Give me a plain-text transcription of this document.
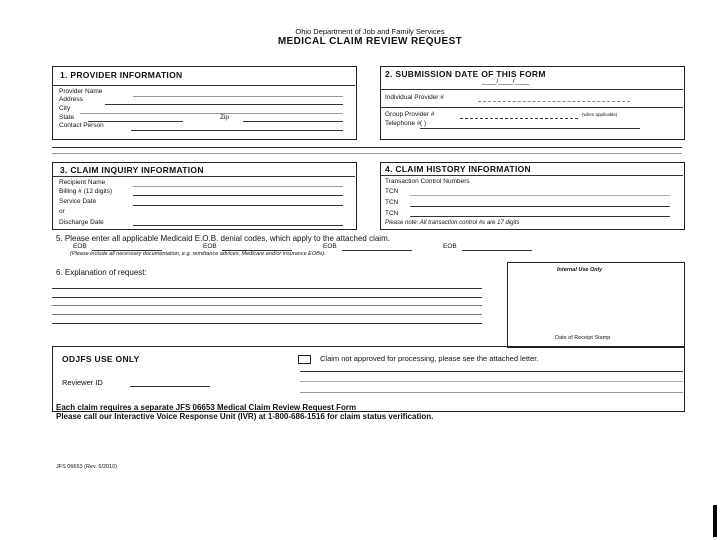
Ohio Department of Job and Family Services
MEDICAL CLAIM REVIEW REQUEST
1. PROVIDER INFORMATION
Provider Name
Address
City
State	Zip
Contact Person
2. SUBMISSION DATE OF THIS FORM
____/____/____
Individual Provider #
Group Provider #	(when applicable)
Telephone # ( )
3. CLAIM INQUIRY INFORMATION
Recipient Name
Billing # (12 digits)
Service Date
or
Discharge Date
4. CLAIM HISTORY INFORMATION
Transaction Control Numbers
TCN
TCN
TCN
Please note: All transaction control #s are 17 digits
5. Please enter all applicable Medicaid E.O.B. denial codes, which apply to the attached claim.
EOB	EOB	EOB	EOB
(Please include all necessary documentation, e.g. remittance advices, Medicare and/or insurance EOBs).
6. Explanation of request:	Internal Use Only
Date of Receipt Stamp
ODJFS USE ONLY
Reviewer ID
Claim not approved for processing, please see the attached letter.
Each claim requires a separate JFS 06653 Medical Claim Review Request Form
Please call our Interactive Voice Response Unit (IVR) at 1-800-686-1516 for claim status verification.
JFS 06653 (Rev. 6/2010)
